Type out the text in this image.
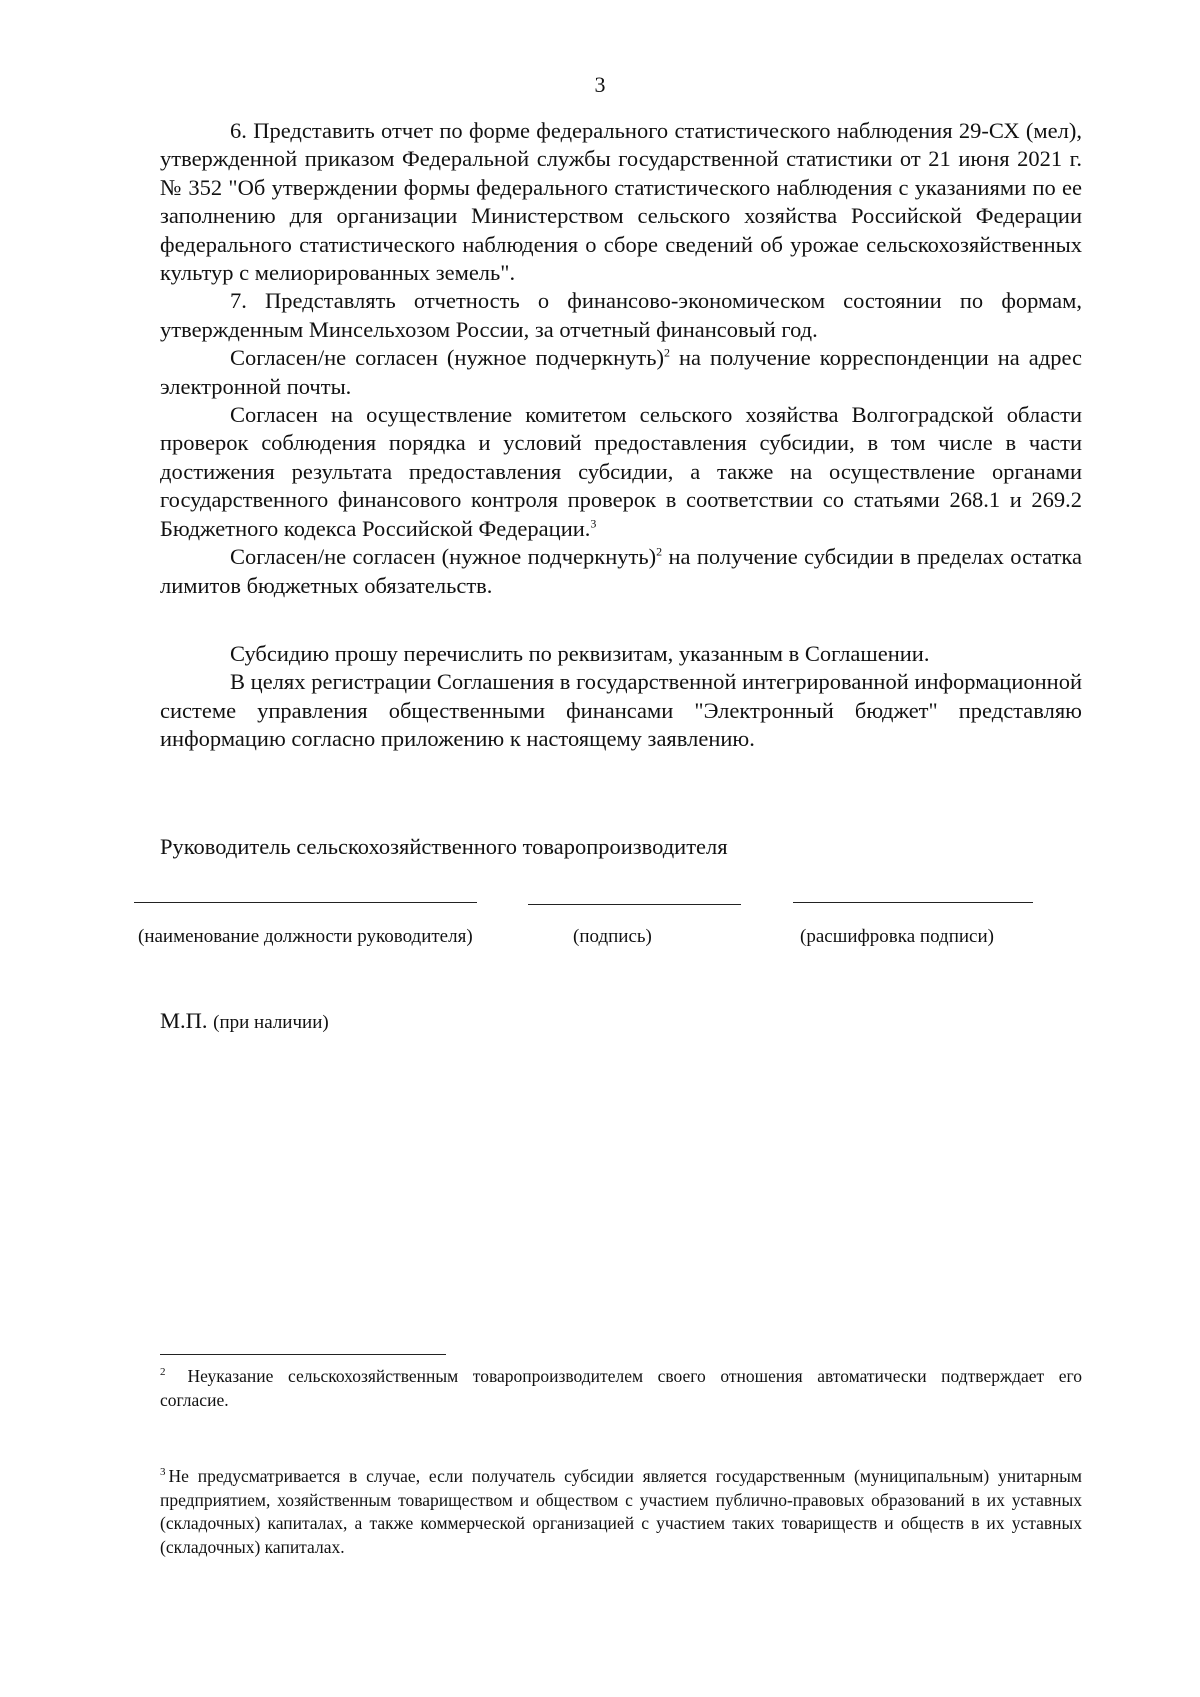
3

6. Представить отчет по форме федерального статистического наблюдения 29-СХ (мел), утвержденной приказом Федеральной службы государственной статистики от 21 июня 2021 г. № 352 "Об утверждении формы федерального статистического наблюдения с указаниями по ее заполнению для организации Министерством сельского хозяйства Российской Федерации федерального статистического наблюдения о сборе сведений об урожае сельскохозяйственных культур с мелиорированных земель".

7. Представлять отчетность о финансово-экономическом состоянии по формам, утвержденным Минсельхозом России, за отчетный финансовый год.

Согласен/не согласен (нужное подчеркнуть)$^2$ на получение корреспонденции на адрес электронной почты.

Согласен на осуществление комитетом сельского хозяйства Волгоградской области проверок соблюдения порядка и условий предоставления субсидии, в том числе в части достижения результата предоставления субсидии, а также на осуществление органами государственного финансового контроля проверок в соответствии со статьями 268.1 и 269.2 Бюджетного кодекса Российской Федерации.$^3$

Согласен/не согласен (нужное подчеркнуть)$^2$ на получение субсидии в пределах остатка лимитов бюджетных обязательств.

Субсидию прошу перечислить по реквизитам, указанным в Соглашении.

В целях регистрации Соглашения в государственной интегрированной информационной системе управления общественными финансами "Электронный бюджет" представляю информацию согласно приложению к настоящему заявлению.

Руководитель сельскохозяйственного товаропроизводителя
(наименование должности руководителя)	(подпись)	(расшифровка подписи)
М.П. (при наличии)

$^2$ Неуказание сельскохозяйственным товаропроизводителем своего отношения автоматически подтверждает его согласие.

$^3$ Не предусматривается в случае, если получатель субсидии является государственным (муниципальным) унитарным предприятием, хозяйственным товариществом и обществом с участием публично-правовых образований в их уставных (складочных) капиталах, а также коммерческой организацией с участием таких товариществ и обществ в их уставных (складочных) капиталах.
